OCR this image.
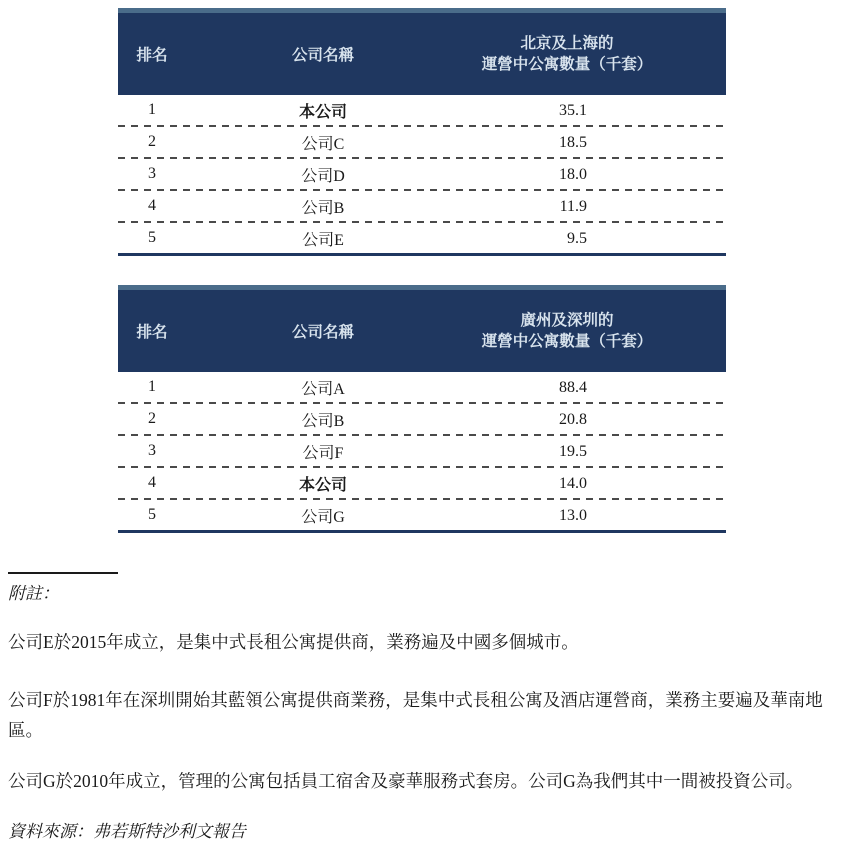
排名	公司名稱
北京及上海的
運營中公寓數量（千套）
1	本公司	35.1
2	公司C	18.5
3	公司D	18.0
4	公司B	11.9
5	公司E	9.5
排名	公司名稱
廣州及深圳的
運營中公寓數量（千套）
1	公司A	88.4
2	公司B	20.8
3	公司F	19.5
4	本公司	14.0
5	公司G	13.0
附註：
公司E於2015年成立，是集中式長租公寓提供商，業務遍及中國多個城市。
公司F於1981年在深圳開始其藍領公寓提供商業務，是集中式長租公寓及酒店運營商，業務主要遍及華南地區。
公司G於2010年成立，管理的公寓包括員工宿舍及豪華服務式套房。公司G為我們其中一間被投資公司。
資料來源：弗若斯特沙利文報告
